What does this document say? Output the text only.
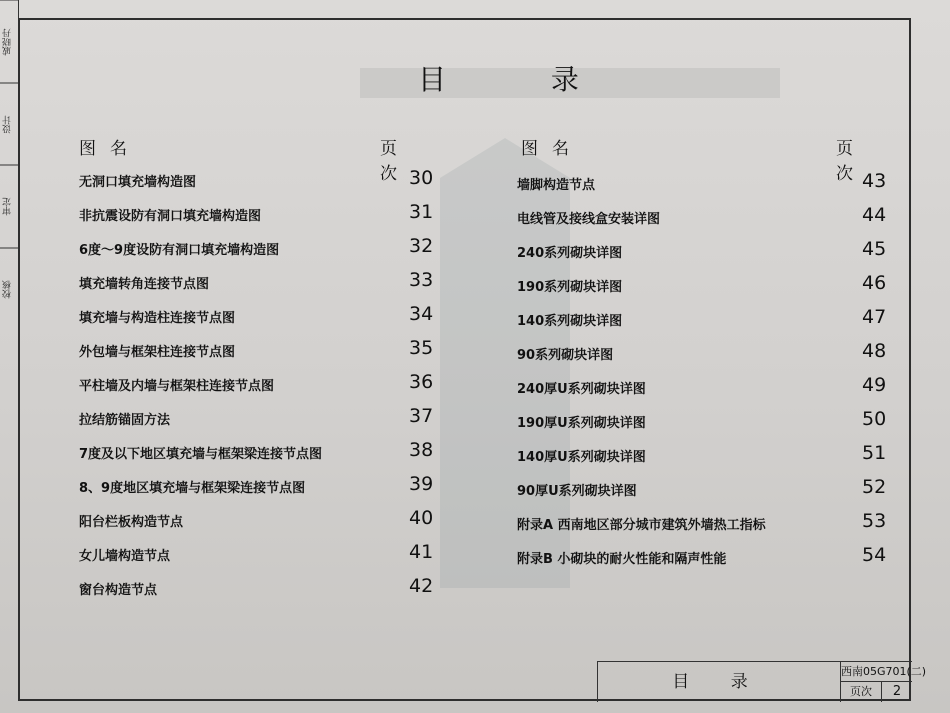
戚晓丹
设计
审定
校核
目 录
图名	页次
图名	页次
无洞口填充墙构造图	30
非抗震设防有洞口填充墙构造图	31
6度～9度设防有洞口填充墙构造图	32
填充墙转角连接节点图	33
填充墙与构造柱连接节点图	34
外包墙与框架柱连接节点图	35
平柱墙及内墙与框架柱连接节点图	36
拉结筋锚固方法	37
7度及以下地区填充墙与框架梁连接节点图	38
8、9度地区填充墙与框架梁连接节点图	39
阳台栏板构造节点	40
女儿墙构造节点	41
窗台构造节点	42
墙脚构造节点	43
电线管及接线盒安装详图	44
240系列砌块详图	45
190系列砌块详图	46
140系列砌块详图	47
90系列砌块详图	48
240厚U系列砌块详图	49
190厚U系列砌块详图	50
140厚U系列砌块详图	51
90厚U系列砌块详图	52
附录A 西南地区部分城市建筑外墙热工指标	53
附录B 小砌块的耐火性能和隔声性能	54
目 录
西南05G701(二)
页次	2
